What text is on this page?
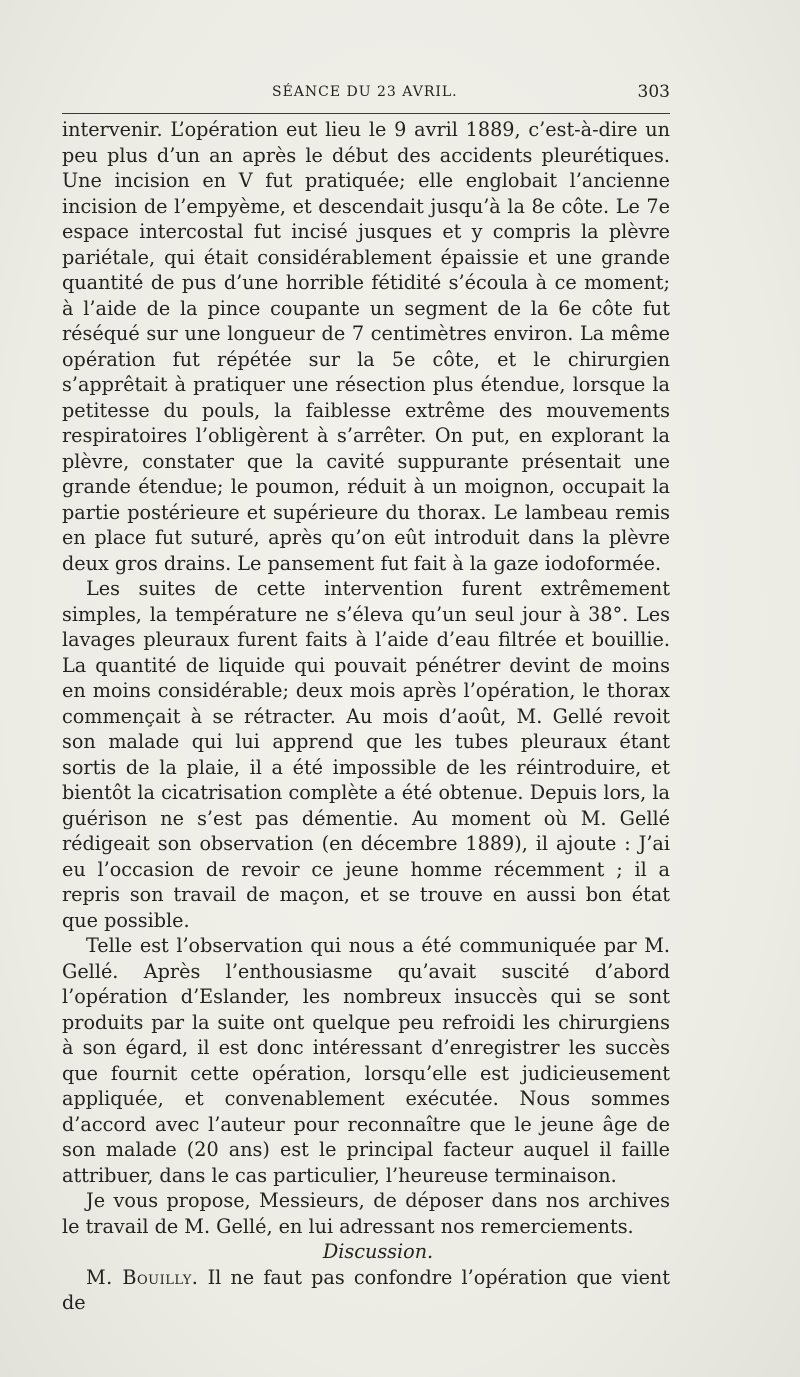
SÉANCE DU 23 AVRIL.	303

intervenir. L’opération eut lieu le 9 avril 1889, c’est-à-dire un peu plus d’un an après le début des accidents pleurétiques. Une incision en V fut pratiquée; elle englobait l’ancienne incision de l’empyème, et descendait jusqu’à la 8e côte. Le 7e espace intercostal fut incisé jusques et y compris la plèvre pariétale, qui était considérablement épaissie et une grande quantité de pus d’une horrible fétidité s’écoula à ce moment; à l’aide de la pince coupante un segment de la 6e côte fut réséqué sur une longueur de 7 centimètres environ. La même opération fut répétée sur la 5e côte, et le chirurgien s’apprêtait à pratiquer une résection plus étendue, lorsque la petitesse du pouls, la faiblesse extrême des mouvements respiratoires l’obligèrent à s’arrêter. On put, en explorant la plèvre, constater que la cavité suppurante présentait une grande étendue; le poumon, réduit à un moignon, occupait la partie postérieure et supérieure du thorax. Le lambeau remis en place fut suturé, après qu’on eût introduit dans la plèvre deux gros drains. Le pansement fut fait à la gaze iodoformée.

Les suites de cette intervention furent extrêmement simples, la température ne s’éleva qu’un seul jour à 38°. Les lavages pleuraux furent faits à l’aide d’eau filtrée et bouillie. La quantité de liquide qui pouvait pénétrer devint de moins en moins considérable; deux mois après l’opération, le thorax commençait à se rétracter. Au mois d’août, M. Gellé revoit son malade qui lui apprend que les tubes pleuraux étant sortis de la plaie, il a été impossible de les réintroduire, et bientôt la cicatrisation complète a été obtenue. Depuis lors, la guérison ne s’est pas démentie. Au moment où M. Gellé rédigeait son observation (en décembre 1889), il ajoute : J’ai eu l’occasion de revoir ce jeune homme récemment ; il a repris son travail de maçon, et se trouve en aussi bon état que possible.

Telle est l’observation qui nous a été communiquée par M. Gellé. Après l’enthousiasme qu’avait suscité d’abord l’opération d’Eslander, les nombreux insuccès qui se sont produits par la suite ont quelque peu refroidi les chirurgiens à son égard, il est donc intéressant d’enregistrer les succès que fournit cette opération, lorsqu’elle est judicieusement appliquée, et convenablement exécutée. Nous sommes d’accord avec l’auteur pour reconnaître que le jeune âge de son malade (20 ans) est le principal facteur auquel il faille attribuer, dans le cas particulier, l’heureuse terminaison.

Je vous propose, Messieurs, de déposer dans nos archives le travail de M. Gellé, en lui adressant nos remerciements.

Discussion.

M. Bouilly. Il ne faut pas confondre l’opération que vient de
